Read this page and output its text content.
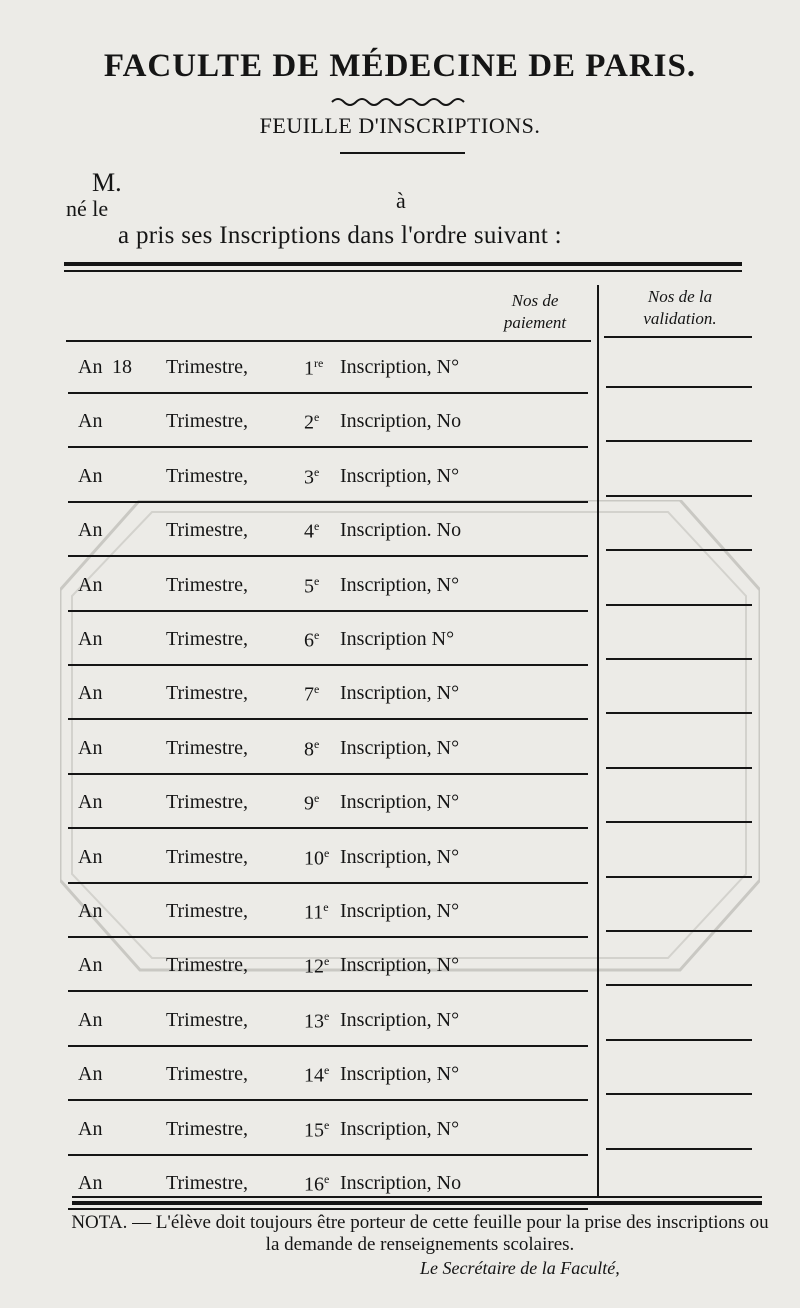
FACULTE DE MÉDECINE DE PARIS.
FEUILLE D'INSCRIPTIONS.
M.
né le	à
a pris ses Inscriptions dans l'ordre suivant :
Nos de paiement
Nos de la validation.
An 18 Trimestre,	1re Inscription, N°
An	Trimestre,	2e Inscription, No
An	Trimestre,	3e Inscription, N°
An	Trimestre,	4e Inscription. No
An	Trimestre,	5e Inscription, N°
An	Trimestre,	6e Inscription N°
An	Trimestre,	7e Inscription, N°
An	Trimestre,	8e Inscription, N°
An	Trimestre,	9e Inscription, N°
An	Trimestre,	10e Inscription, N°
An	Trimestre,	11e Inscription, N°
An	Trimestre,	12e Inscription, N°
An	Trimestre,	13e Inscription, N°
An	Trimestre,	14e Inscription, N°
An	Trimestre,	15e Inscription, N°
An	Trimestre,	16e Inscription, No
NOTA. — L'élève doit toujours être porteur de cette feuille pour la prise des inscriptions ou la demande de renseignements scolaires.
Le Secrétaire de la Faculté,
